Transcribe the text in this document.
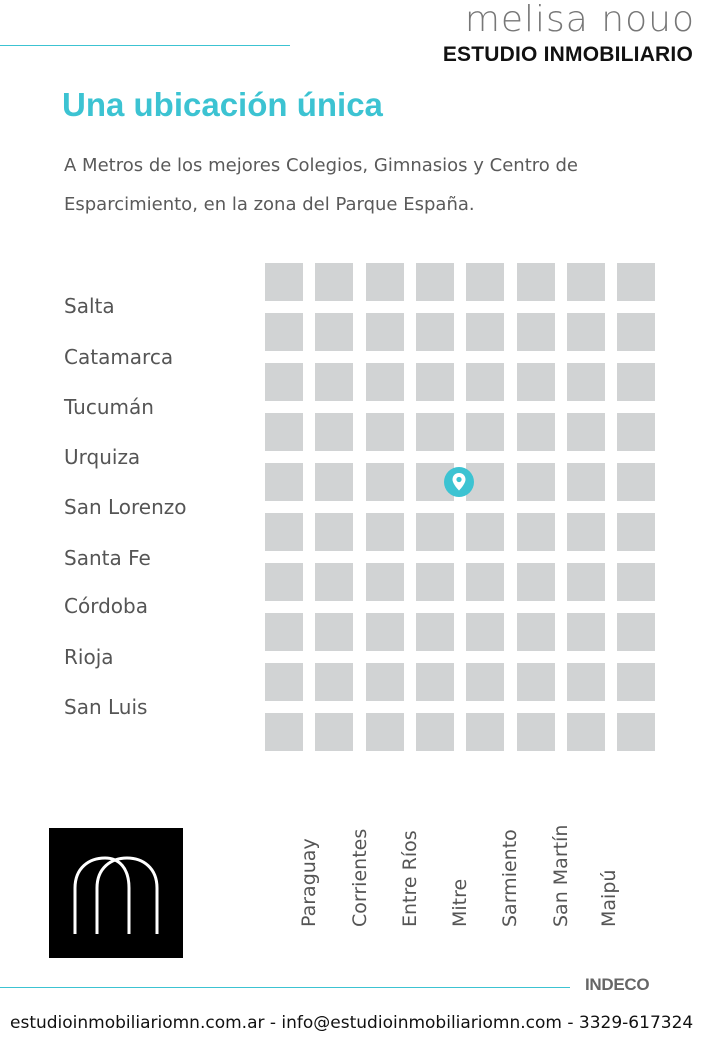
melisa nouo
ESTUDIO INMOBILIARIO
Una ubicación única

A Metros de los mejores Colegios, Gimnasios y Centro de Esparcimiento, en la zona del Parque España.

Salta
Catamarca
Tucumán
Urquiza
San Lorenzo
Santa Fe
Córdoba
Rioja
San Luis
Paraguay Corrientes Entre Ríos Mitre Sarmiento San Martín Maipú
INDECO
estudioinmobiliariomn.com.ar - info@estudioinmobiliariomn.com - 3329-617324
